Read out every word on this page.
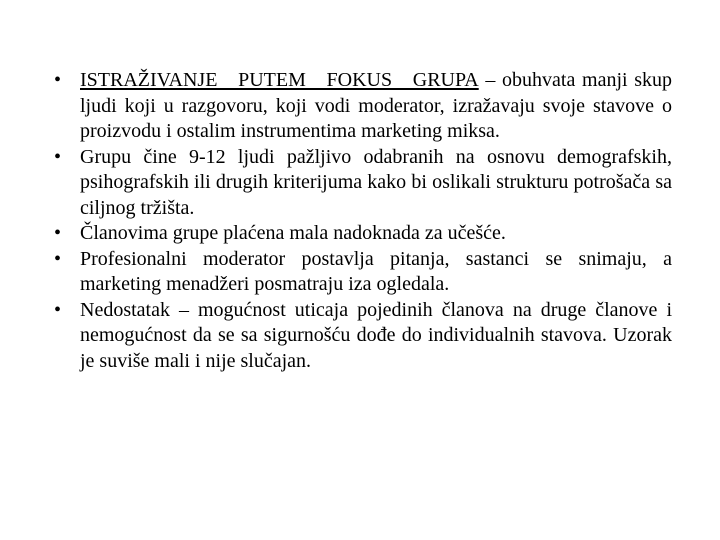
• ISTRAŽIVANJE PUTEM FOKUS GRUPA – obuhvata manji skup ljudi koji u razgovoru, koji vodi moderator, izražavaju svoje stavove o proizvodu i ostalim instrumentima marketing miksa.
• Grupu čine 9-12 ljudi pažljivo odabranih na osnovu demografskih, psihografskih ili drugih kriterijuma kako bi oslikali strukturu potrošača sa ciljnog tržišta.
• Članovima grupe plaćena mala nadoknada za učešće.
• Profesionalni moderator postavlja pitanja, sastanci se snimaju, a marketing menadžeri posmatraju iza ogledala.
• Nedostatak – mogućnost uticaja pojedinih članova na druge članove i nemogućnost da se sa sigurnošću dođe do individualnih stavova. Uzorak je suviše mali i nije slučajan.
